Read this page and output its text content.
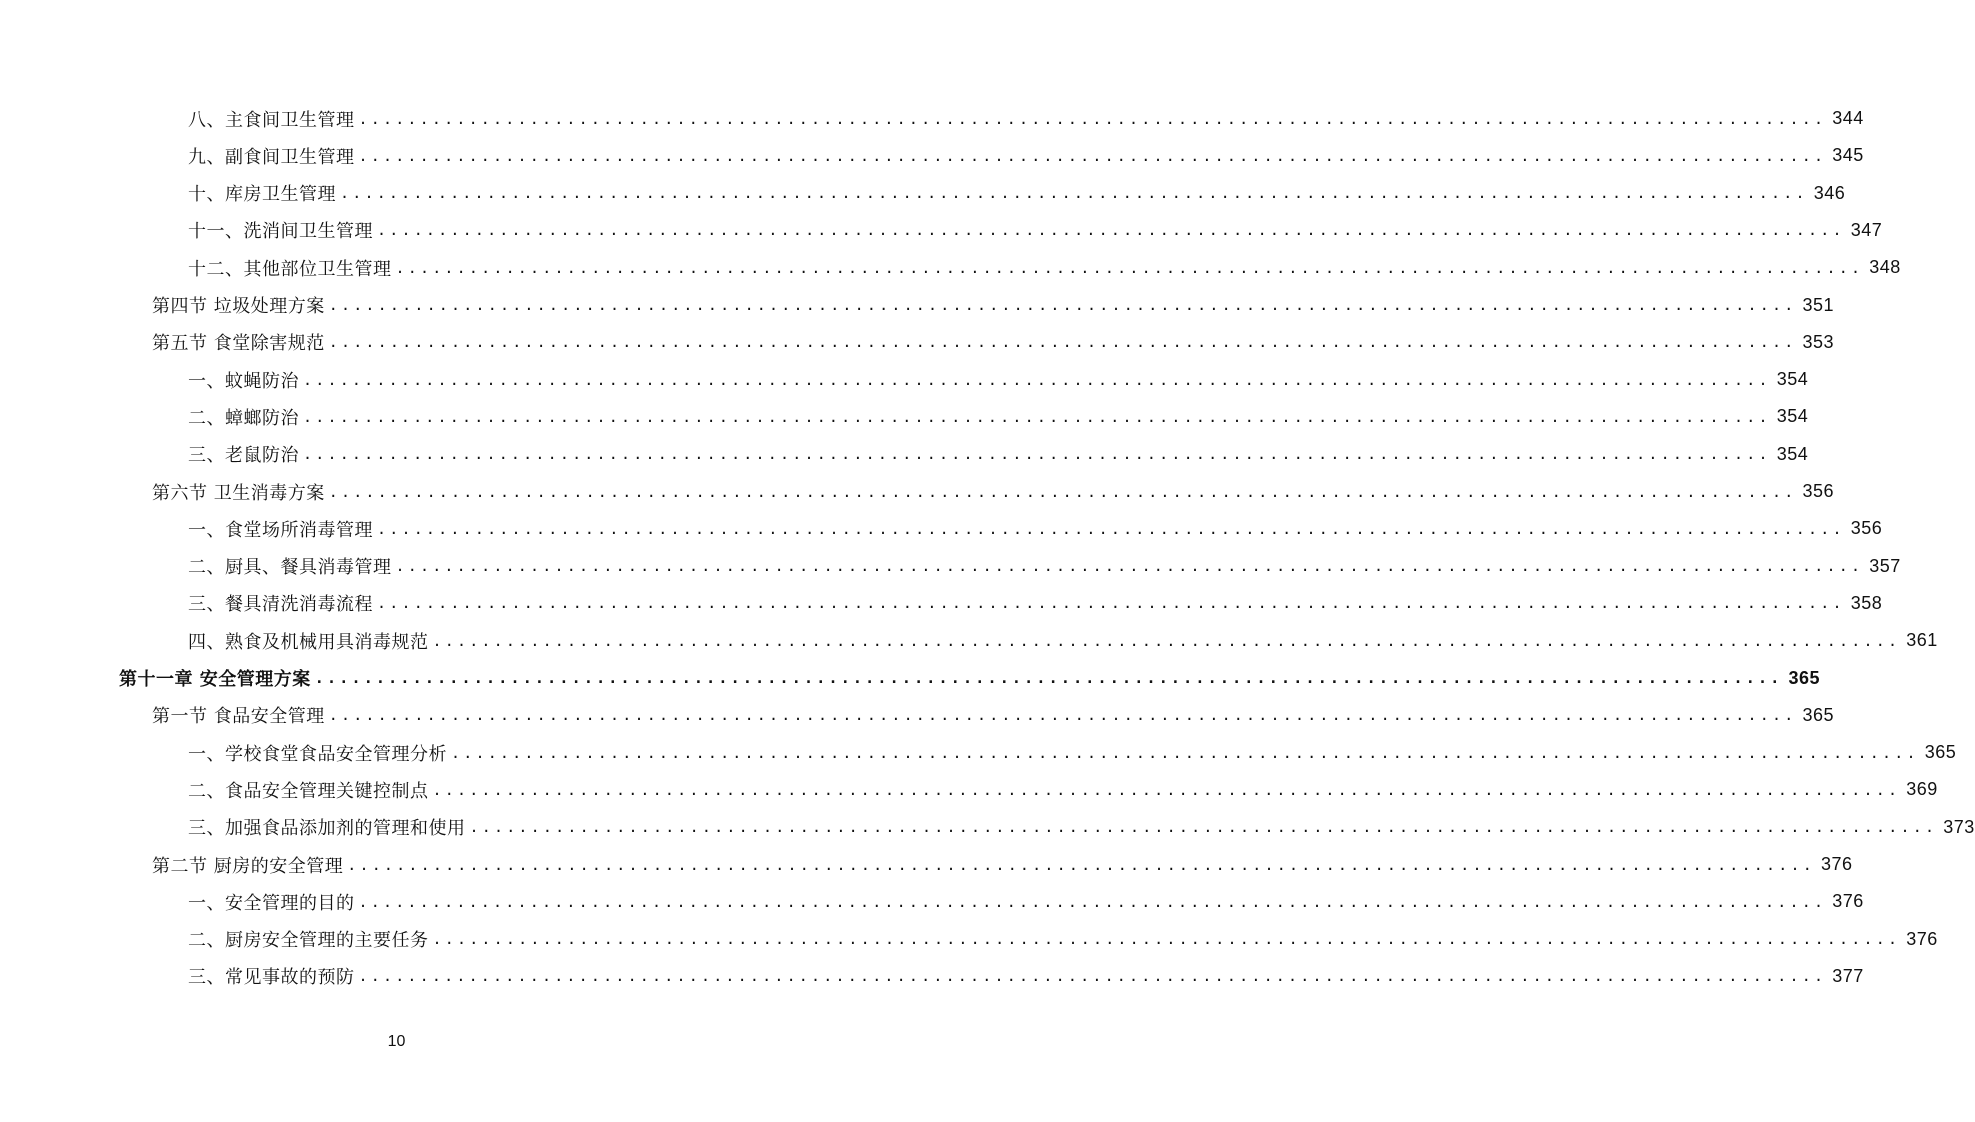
八、主食间卫生管理 ........................................................................................................................ 344
九、副食间卫生管理 ........................................................................................................................ 345
十、库房卫生管理 ........................................................................................................................ 346
十一、洗消间卫生管理 ........................................................................................................................ 347
十二、其他部位卫生管理 ........................................................................................................................ 348
第四节 垃圾处理方案 ........................................................................................................................ 351
第五节 食堂除害规范 ........................................................................................................................ 353
一、蚊蝇防治 ........................................................................................................................ 354
二、蟑螂防治 ........................................................................................................................ 354
三、老鼠防治 ........................................................................................................................ 354
第六节 卫生消毒方案 ........................................................................................................................ 356
一、食堂场所消毒管理 ........................................................................................................................ 356
二、厨具、餐具消毒管理 ........................................................................................................................ 357
三、餐具清洗消毒流程 ........................................................................................................................ 358
四、熟食及机械用具消毒规范 ........................................................................................................................ 361
第十一章 安全管理方案 ........................................................................................................................ 365
第一节 食品安全管理 ........................................................................................................................ 365
一、学校食堂食品安全管理分析 ........................................................................................................................ 365
二、食品安全管理关键控制点 ........................................................................................................................ 369
三、加强食品添加剂的管理和使用 ........................................................................................................................ 373
第二节 厨房的安全管理 ........................................................................................................................ 376
一、安全管理的目的 ........................................................................................................................ 376
二、厨房安全管理的主要任务 ........................................................................................................................ 376
三、常见事故的预防 ........................................................................................................................ 377
10
